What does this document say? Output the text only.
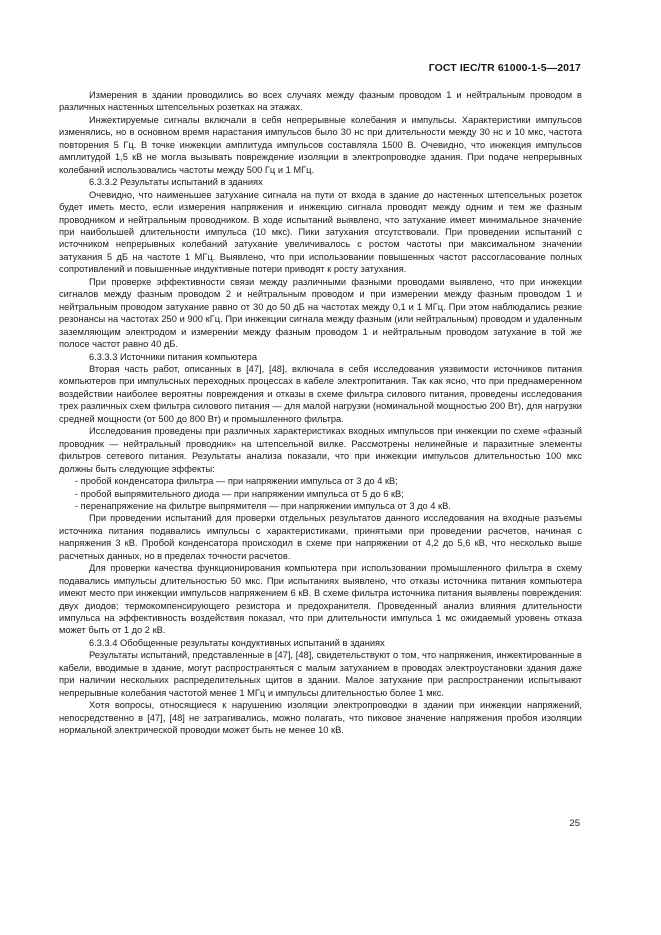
ГОСТ IEC/TR 61000-1-5—2017

Измерения в здании проводились во всех случаях между фазным проводом 1 и нейтральным проводом в различных настенных штепсельных розетках на этажах.

Инжектируемые сигналы включали в себя непрерывные колебания и импульсы. Характеристики импульсов изменялись, но в основном время нарастания импульсов было 30 нс при длительности между 30 нс и 10 мкс, частота повторения 5 Гц. В точке инжекции амплитуда импульсов составляла 1500 В. Очевидно, что инжекция импульсов амплитудой 1,5 кВ не могла вызывать повреждение изоляции в электропроводке здания. При подаче непрерывных колебаний использовались частоты между 500 Гц и 1 МГц.

6.3.3.2 Результаты испытаний в зданиях

Очевидно, что наименьшее затухание сигнала на пути от входа в здание до настенных штепсельных розеток будет иметь место, если измерения напряжения и инжекцию сигнала проводят между одним и тем же фазным проводником и нейтральным проводником. В ходе испытаний выявлено, что затухание имеет минимальное значение при наибольшей длительности импульса (10 мкс). Пики затухания отсутствовали. При проведении испытаний с источником непрерывных колебаний затухание увеличивалось с ростом частоты при максимальном значении затухания 5 дБ на частоте 1 МГц. Выявлено, что при использовании повышенных частот рассогласование полных сопротивлений и повышенные индуктивные потери приводят к росту затухания.

При проверке эффективности связи между различными фазными проводами выявлено, что при инжекции сигналов между фазным проводом 2 и нейтральным проводом и при измерении между фазным проводом 1 и нейтральным проводом затухание равно от 30 до 50 дБ на частотах между 0,1 и 1 МГц. При этом наблюдались резкие резонансы на частотах 250 и 900 кГц. При инжекции сигнала между фазным (или нейтральным) проводом и удаленным заземляющим электродом и измерении между фазным проводом 1 и нейтральным проводом затухание в той же полосе частот равно 40 дБ.

6.3.3.3 Источники питания компьютера

Вторая часть работ, описанных в [47], [48], включала в себя исследования уязвимости источников питания компьютеров при импульсных переходных процессах в кабеле электропитания. Так как ясно, что при преднамеренном воздействии наиболее вероятны повреждения и отказы в схеме фильтра силового питания, проведены исследования трех различных схем фильтра силового питания — для малой нагрузки (номинальной мощностью 200 Вт), для нагрузки средней мощности (от 500 до 800 Вт) и промышленного фильтра.

Исследования проведены при различных характеристиках входных импульсов при инжекции по схеме «фазный проводник — нейтральный проводник» на штепсельной вилке. Рассмотрены нелинейные и паразитные элементы фильтров сетевого питания. Результаты анализа показали, что при инжекции импульсов длительностью 100 мкс должны быть следующие эффекты:

- пробой конденсатора фильтра — при напряжении импульса от 3 до 4 кВ;

- пробой выпрямительного диода — при напряжении импульса от 5 до 6 кВ;

- перенапряжение на фильтре выпрямителя — при напряжении импульса от 3 до 4 кВ.

При проведении испытаний для проверки отдельных результатов данного исследования на входные разъемы источника питания подавались импульсы с характеристиками, принятыми при проведении расчетов, начиная с напряжения 3 кВ. Пробой конденсатора происходил в схеме при напряжении от 4,2 до 5,6 кВ, что несколько выше расчетных данных, но в пределах точности расчетов.

Для проверки качества функционирования компьютера при использовании промышленного фильтра в схему подавались импульсы длительностью 50 мкс. При испытаниях выявлено, что отказы источника питания компьютера имеют место при инжекции импульсов напряжением 6 кВ. В схеме фильтра источника питания выявлены повреждения: двух диодов; термокомпенсирующего резистора и предохранителя. Проведенный анализ влияния длительности импульса на эффективность воздействия показал, что при длительности импульса 1 мс ожидаемый уровень отказа может быть от 1 до 2 кВ.

6.3.3.4 Обобщенные результаты кондуктивных испытаний в зданиях

Результаты испытаний, представленные в [47], [48], свидетельствуют о том, что напряжения, инжектированные в кабели, вводимые в здание, могут распространяться с малым затуханием в проводах электроустановки здания даже при наличии нескольких распределительных щитов в здании. Малое затухание при распространении испытывают непрерывные колебания частотой менее 1 МГц и импульсы длительностью более 1 мкс.

Хотя вопросы, относящиеся к нарушению изоляции электропроводки в здании при инжекции напряжений, непосредственно в [47], [48] не затрагивались, можно полагать, что пиковое значение напряжения пробоя изоляции нормальной электрической проводки может быть не менее 10 кВ.

25
